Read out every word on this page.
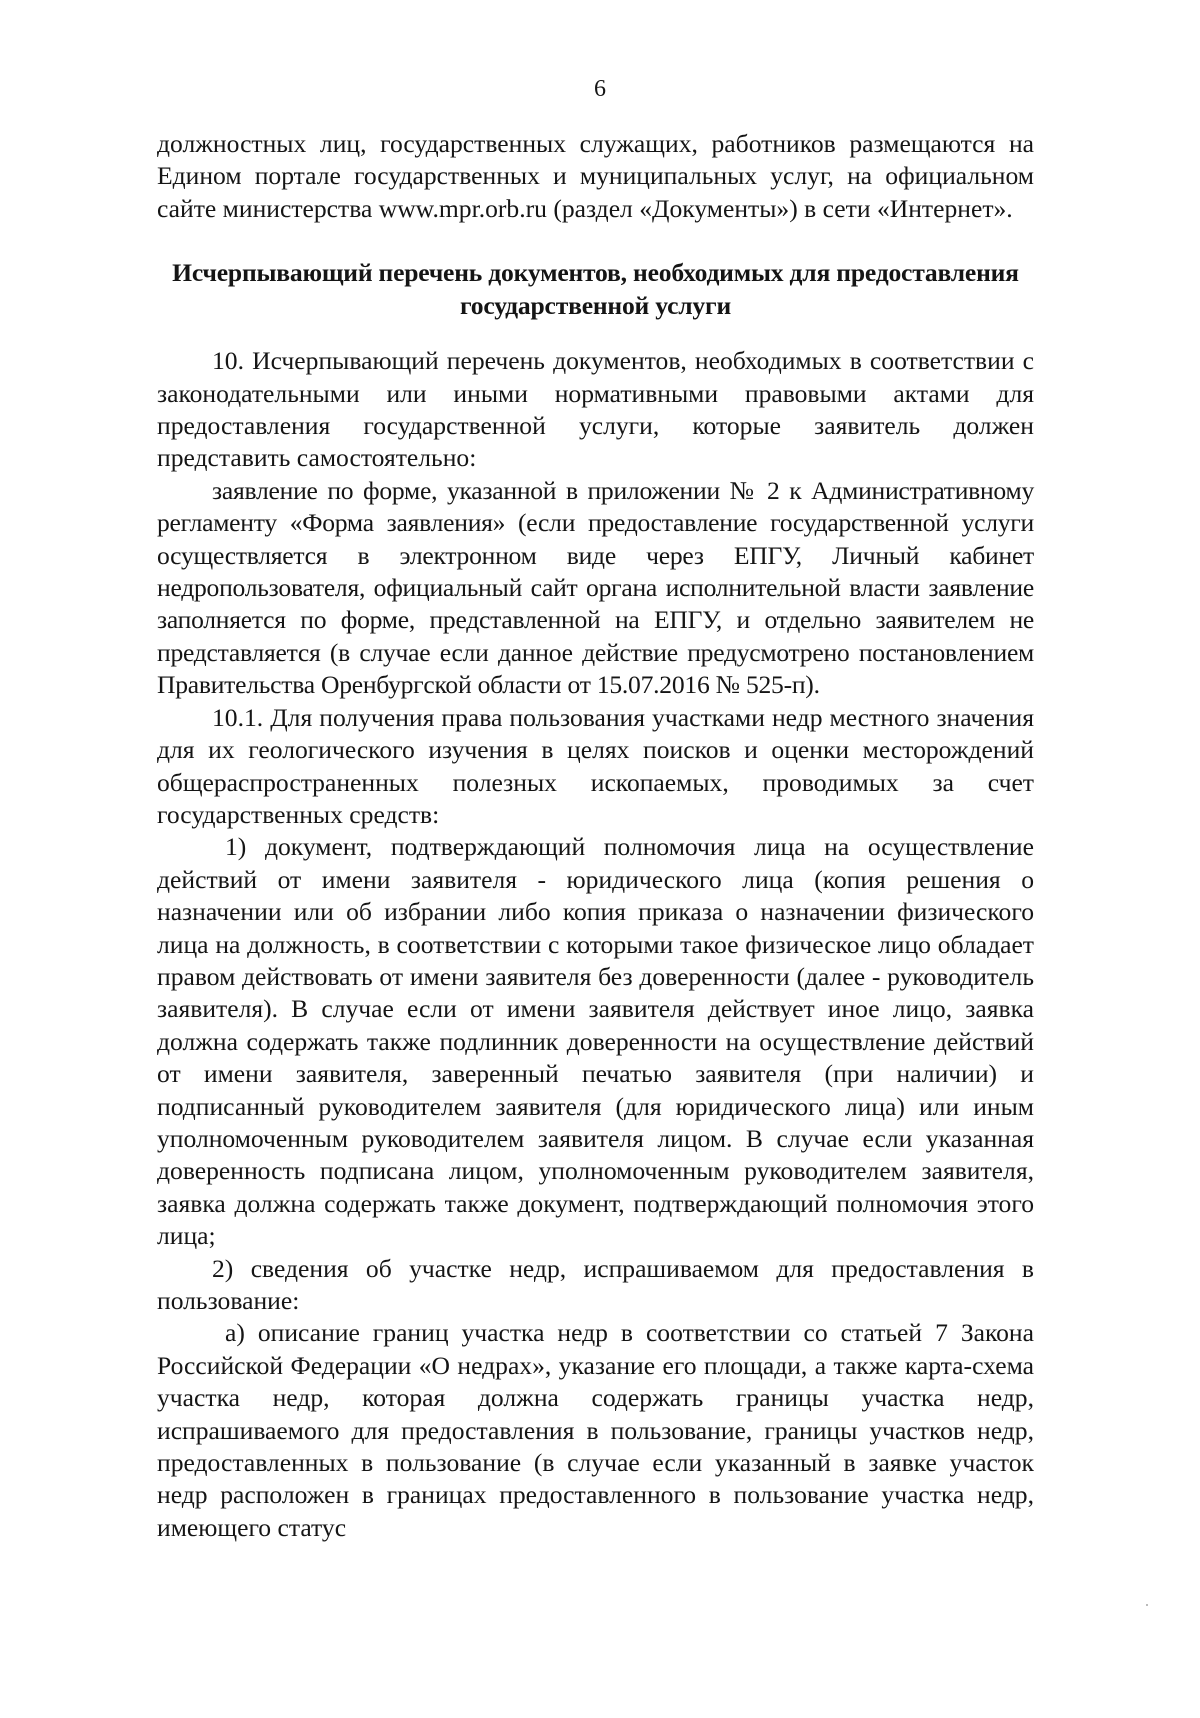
6

должностных лиц, государственных служащих, работников размещаются на Едином портале государственных и муниципальных услуг, на официальном сайте министерства www.mpr.orb.ru (раздел «Документы») в сети «Интернет».

Исчерпывающий перечень документов, необходимых для предоставления
государственной услуги

10. Исчерпывающий перечень документов, необходимых в соответствии с законодательными или иными нормативными правовыми актами для предоставления государственной услуги, которые заявитель должен представить самостоятельно:

заявление по форме, указанной в приложении № 2 к Административному регламенту «Форма заявления» (если предоставление государственной услуги осуществляется в электронном виде через ЕПГУ, Личный кабинет недропользователя, официальный сайт органа исполнительной власти заявление заполняется по форме, представленной на ЕПГУ, и отдельно заявителем не представляется (в случае если данное действие предусмотрено постановлением Правительства Оренбургской области от 15.07.2016 № 525-п).

10.1. Для получения права пользования участками недр местного значения для их геологического изучения в целях поисков и оценки месторождений общераспространенных полезных ископаемых, проводимых за счет государственных средств:

1) документ, подтверждающий полномочия лица на осуществление действий от имени заявителя - юридического лица (копия решения о назначении или об избрании либо копия приказа о назначении физического лица на должность, в соответствии с которыми такое физическое лицо обладает правом действовать от имени заявителя без доверенности (далее - руководитель заявителя). В случае если от имени заявителя действует иное лицо, заявка должна содержать также подлинник доверенности на осуществление действий от имени заявителя, заверенный печатью заявителя (при наличии) и подписанный руководителем заявителя (для юридического лица) или иным уполномоченным руководителем заявителя лицом. В случае если указанная доверенность подписана лицом, уполномоченным руководителем заявителя, заявка должна содержать также документ, подтверждающий полномочия этого лица;

2) сведения об участке недр, испрашиваемом для предоставления в пользование:

а) описание границ участка недр в соответствии со статьей 7 Закона Российской Федерации «О недрах», указание его площади, а также карта-схема участка недр, которая должна содержать границы участка недр, испрашиваемого для предоставления в пользование, границы участков недр, предоставленных в пользование (в случае если указанный в заявке участок недр расположен в границах предоставленного в пользование участка недр, имеющего статус
